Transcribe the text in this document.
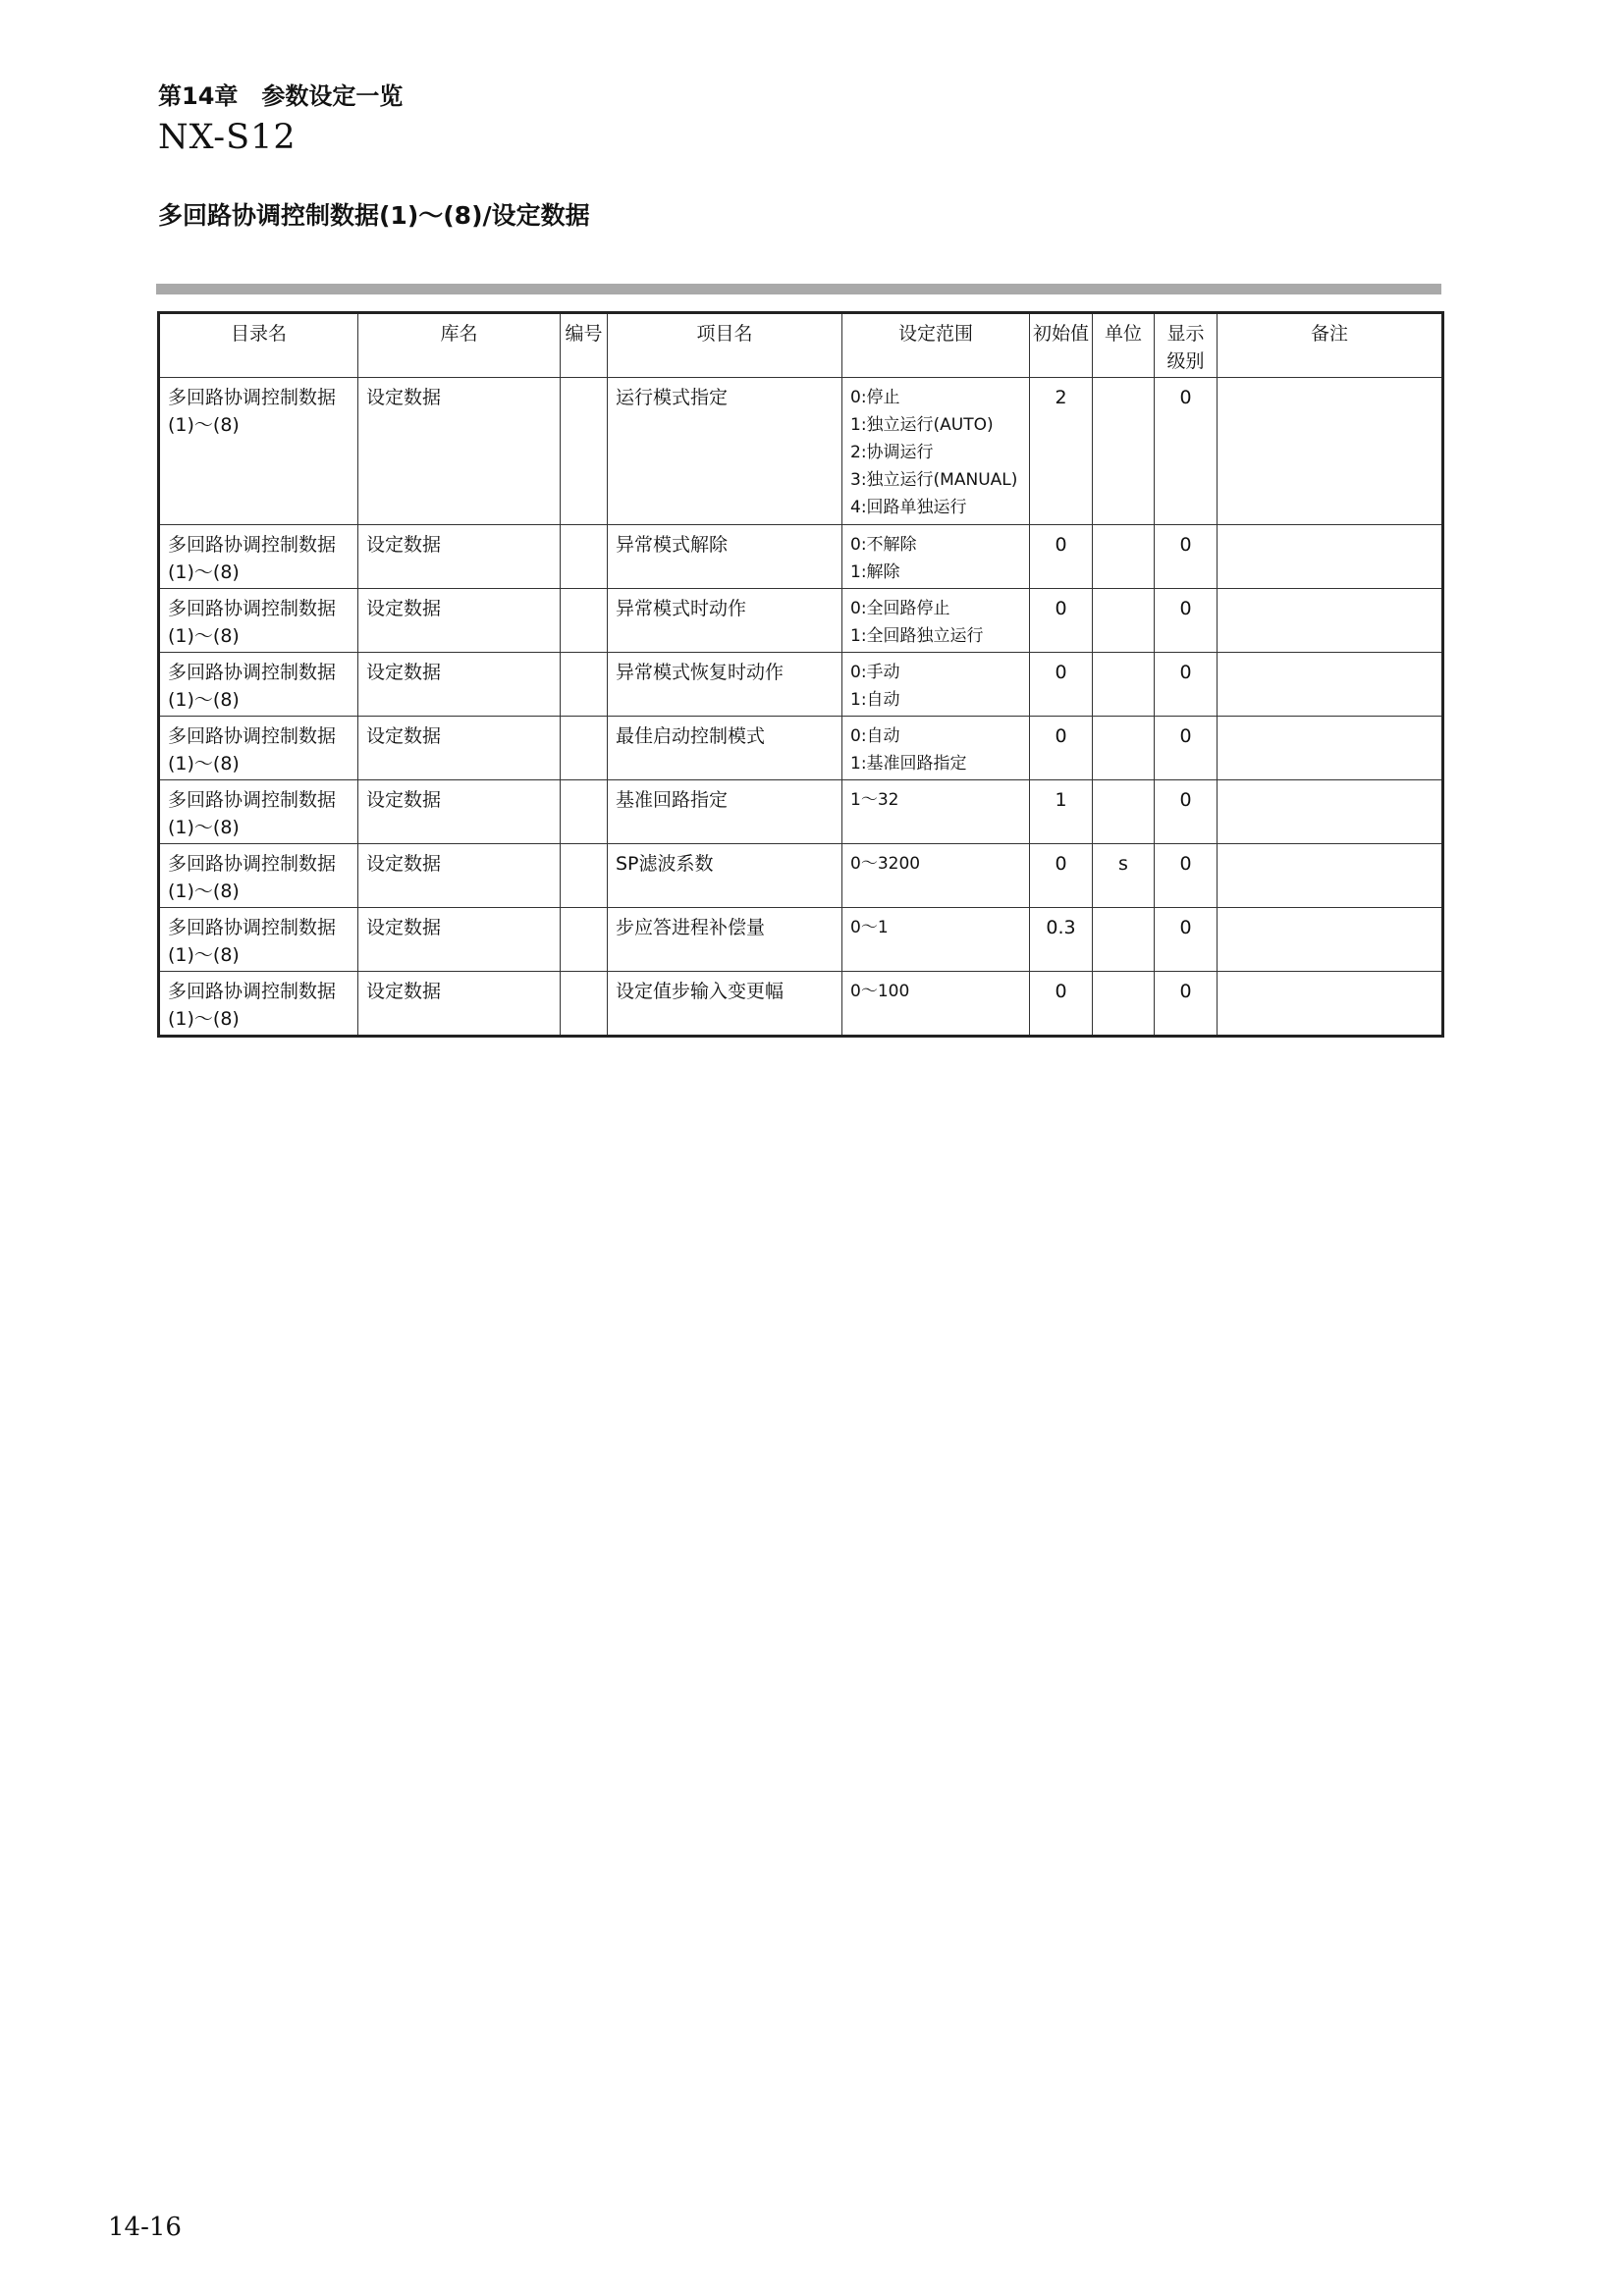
第14章　参数设定一览
NX-S12
多回路协调控制数据(1)～(8)/设定数据
目录名	库名	编号	项目名	设定范围	初始值	单位	显示
级别	备注
多回路协调控制数据(1)～(8)	设定数据		运行模式指定	0:停止
1:独立运行(AUTO)
2:协调运行
3:独立运行(MANUAL)
4:回路单独运行	2		0	
多回路协调控制数据(1)～(8)	设定数据		异常模式解除	0:不解除
1:解除	0		0	
多回路协调控制数据(1)～(8)	设定数据		异常模式时动作	0:全回路停止
1:全回路独立运行	0		0	
多回路协调控制数据(1)～(8)	设定数据		异常模式恢复时动作	0:手动
1:自动	0		0	
多回路协调控制数据(1)～(8)	设定数据		最佳启动控制模式	0:自动
1:基准回路指定	0		0	
多回路协调控制数据(1)～(8)	设定数据		基准回路指定	1～32	1		0	
多回路协调控制数据(1)～(8)	设定数据		SP滤波系数	0～3200	0	s	0	
多回路协调控制数据(1)～(8)	设定数据		步应答进程补偿量	0～1	0.3		0	
多回路协调控制数据(1)～(8)	设定数据		设定值步输入变更幅	0～100	0		0	
14-16
